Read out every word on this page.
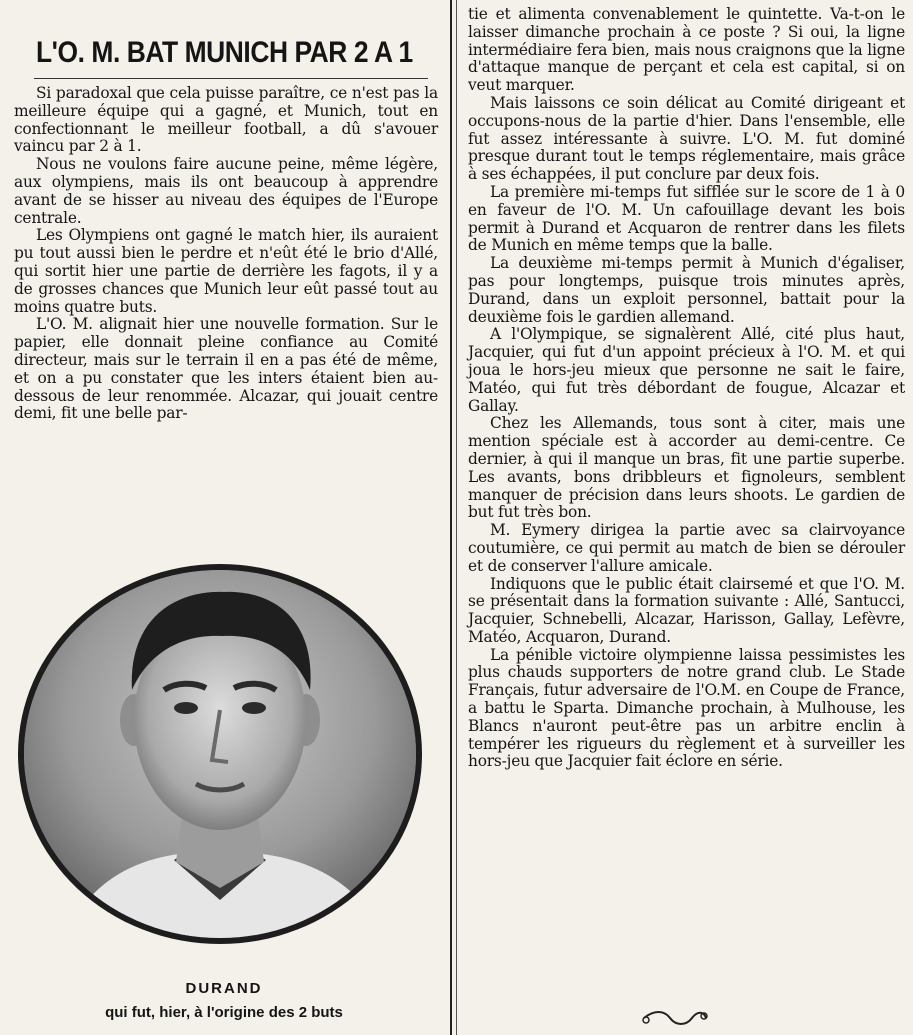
L'O. M. BAT MUNICH PAR 2 A 1

Si paradoxal que cela puisse paraître, ce n'est pas la meilleure équipe qui a gagné, et Munich, tout en confectionnant le meilleur football, a dû s'avouer vaincu par 2 à 1.

Nous ne voulons faire aucune peine, même légère, aux olympiens, mais ils ont beaucoup à apprendre avant de se hisser au niveau des équipes de l'Europe centrale.

Les Olympiens ont gagné le match hier, ils auraient pu tout aussi bien le perdre et n'eût été le brio d'Allé, qui sortit hier une partie de derrière les fagots, il y a de grosses chances que Munich leur eût passé tout au moins quatre buts.

L'O. M. alignait hier une nouvelle formation. Sur le papier, elle donnait pleine confiance au Comité directeur, mais sur le terrain il en a pas été de même, et on a pu constater que les inters étaient bien au-dessous de leur renommée. Alcazar, qui jouait centre demi, fit une belle par-

DURAND
qui fut, hier, à l'origine des 2 buts

tie et alimenta convenablement le quintette. Va-t-on le laisser dimanche prochain à ce poste ? Si oui, la ligne intermédiaire fera bien, mais nous craignons que la ligne d'attaque manque de perçant et cela est capital, si on veut marquer.

Mais laissons ce soin délicat au Comité dirigeant et occupons-nous de la partie d'hier. Dans l'ensemble, elle fut assez intéressante à suivre. L'O. M. fut dominé presque durant tout le temps réglementaire, mais grâce à ses échappées, il put conclure par deux fois.

La première mi-temps fut sifflée sur le score de 1 à 0 en faveur de l'O. M. Un cafouillage devant les bois permit à Durand et Acquaron de rentrer dans les filets de Munich en même temps que la balle.

La deuxième mi-temps permit à Munich d'égaliser, pas pour longtemps, puisque trois minutes après, Durand, dans un exploit personnel, battait pour la deuxième fois le gardien allemand.

A l'Olympique, se signalèrent Allé, cité plus haut, Jacquier, qui fut d'un appoint précieux à l'O. M. et qui joua le hors-jeu mieux que personne ne sait le faire, Matéo, qui fut très débordant de fougue, Alcazar et Gallay.

Chez les Allemands, tous sont à citer, mais une mention spéciale est à accorder au demi-centre. Ce dernier, à qui il manque un bras, fit une partie superbe. Les avants, bons dribbleurs et fignoleurs, semblent manquer de précision dans leurs shoots. Le gardien de but fut très bon.

M. Eymery dirigea la partie avec sa clairvoyance coutumière, ce qui permit au match de bien se dérouler et de conserver l'allure amicale.

Indiquons que le public était clairsemé et que l'O. M. se présentait dans la formation suivante : Allé, Santucci, Jacquier, Schnebelli, Alcazar, Harisson, Gallay, Lefèvre, Matéo, Acquaron, Durand.

La pénible victoire olympienne laissa pessimistes les plus chauds supporters de notre grand club. Le Stade Français, futur adversaire de l'O.M. en Coupe de France, a battu le Sparta. Dimanche prochain, à Mulhouse, les Blancs n'auront peut-être pas un arbitre enclin à tempérer les rigueurs du règlement et à surveiller les hors-jeu que Jacquier fait éclore en série.
